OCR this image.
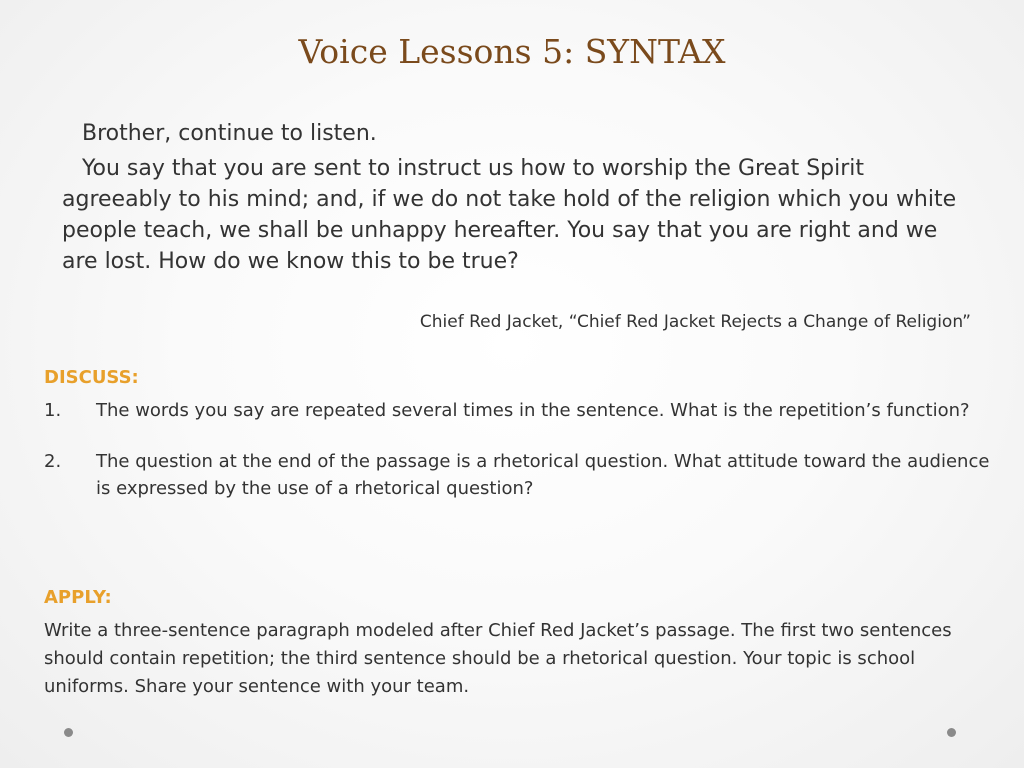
Voice Lessons 5: SYNTAX

Brother, continue to listen.

You say that you are sent to instruct us how to worship the Great Spirit agreeably to his mind; and, if we do not take hold of the religion which you white people teach, we shall be unhappy hereafter. You say that you are right and we are lost. How do we know this to be true?

Chief Red Jacket, “Chief Red Jacket Rejects a Change of Religion”
DISCUSS:
1.	The words you say are repeated several times in the sentence. What is the repetition’s function?
2.	The question at the end of the passage is a rhetorical question. What attitude toward the audience is expressed by the use of a rhetorical question?
APPLY:

Write a three-sentence paragraph modeled after Chief Red Jacket’s passage. The first two sentences should contain repetition; the third sentence should be a rhetorical question. Your topic is school uniforms. Share your sentence with your team.
